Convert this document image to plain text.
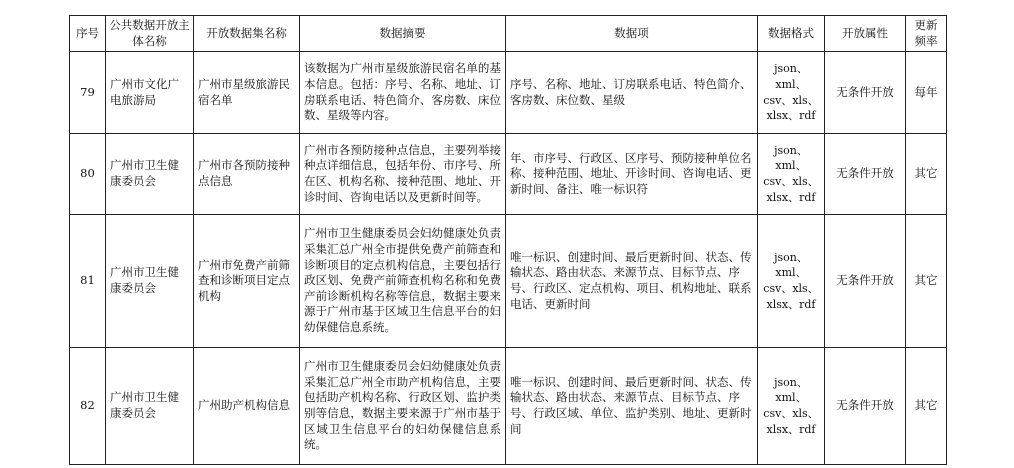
序号	公共数据开放主体名称	开放数据集名称	数据摘要	数据项	数据格式	开放属性	更新频率
79	广州市文化广电旅游局	广州市星级旅游民宿名单	该数据为广州市星级旅游民宿名单的基本信息。包括：序号、名称、地址、订房联系电话、特色简介、客房数、床位数、星级等内容。	序号、名称、地址、订房联系电话、特色简介、客房数、床位数、星级	json、xml、csv、xls、xlsx、rdf	无条件开放	每年
80	广州市卫生健康委员会	广州市各预防接种点信息	广州市各预防接种点信息，主要列举接种点详细信息，包括年份、市序号、所在区、机构名称、接种范围、地址、开诊时间、咨询电话以及更新时间等。	年、市序号、行政区、区序号、预防接种单位名称、接种范围、地址、开诊时间、咨询电话、更新时间、备注、唯一标识符	json、xml、csv、xls、xlsx、rdf	无条件开放	其它
81	广州市卫生健康委员会	广州市免费产前筛查和诊断项目定点机构	广州市卫生健康委员会妇幼健康处负责采集汇总广州全市提供免费产前筛查和诊断项目的定点机构信息，主要包括行政区划、免费产前筛查机构名称和免费产前诊断机构名称等信息，数据主要来源于广州市基于区域卫生信息平台的妇幼保健信息系统。	唯一标识、创建时间、最后更新时间、状态、传输状态、路由状态、来源节点、目标节点、序号、行政区、定点机构、项目、机构地址、联系电话、更新时间	json、xml、csv、xls、xlsx、rdf	无条件开放	其它
82	广州市卫生健康委员会	广州助产机构信息	广州市卫生健康委员会妇幼健康处负责采集汇总广州全市助产机构信息，主要包括助产机构名称、行政区划、监护类别等信息，数据主要来源于广州市基于区域卫生信息平台的妇幼保健信息系统。	唯一标识、创建时间、最后更新时间、状态、传输状态、路由状态、来源节点、目标节点、序号、行政区域、单位、监护类别、地址、更新时间	json、xml、csv、xls、xlsx、rdf	无条件开放	其它
